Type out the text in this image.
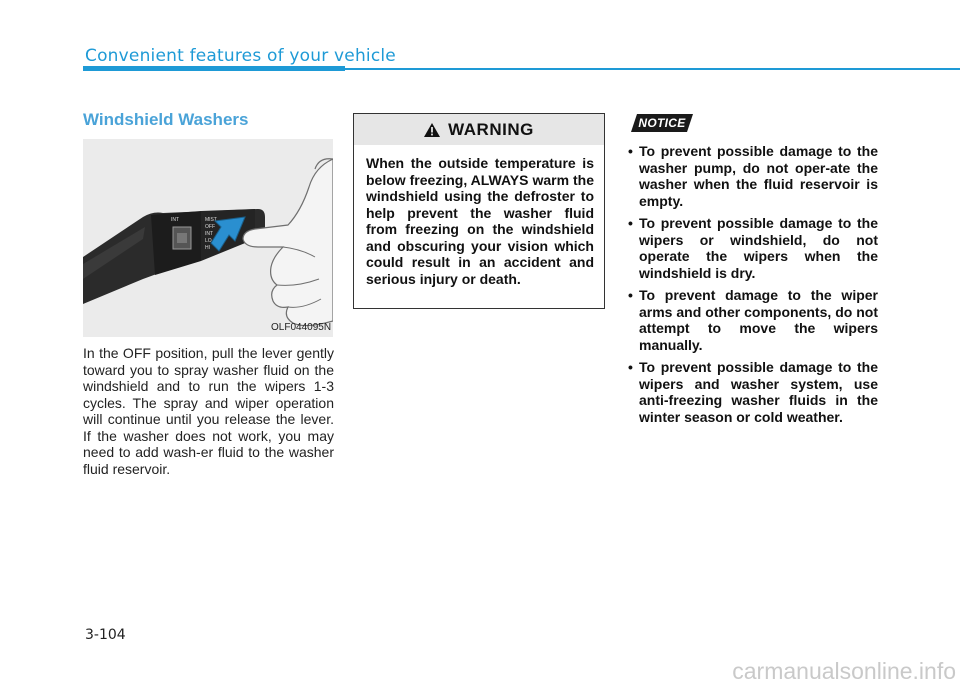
Convenient features of your vehicle
Windshield Washers
INT	MIST
OFF
INT
LO
HI
OLF044095N
In the OFF position, pull the lever gently toward you to spray washer fluid on the windshield and to run the wipers 1-3 cycles. The spray and wiper operation will continue until you release the lever. If the washer does not work, you may need to add wash-er fluid to the washer fluid reservoir.
WARNING
When the outside temperature is below freezing, ALWAYS warm the windshield using the defroster to help prevent the washer fluid from freezing on the windshield and obscuring your vision which could result in an accident and serious injury or death.
NOTICE
• To prevent possible damage to the washer pump, do not oper-ate the washer when the fluid reservoir is empty.
• To prevent possible damage to the wipers or windshield, do not operate the wipers when the windshield is dry.
• To prevent damage to the wiper arms and other components, do not attempt to move the wipers manually.
• To prevent possible damage to the wipers and washer system, use anti-freezing washer fluids in the winter season or cold weather.
3-104
carmanualsonline.info
